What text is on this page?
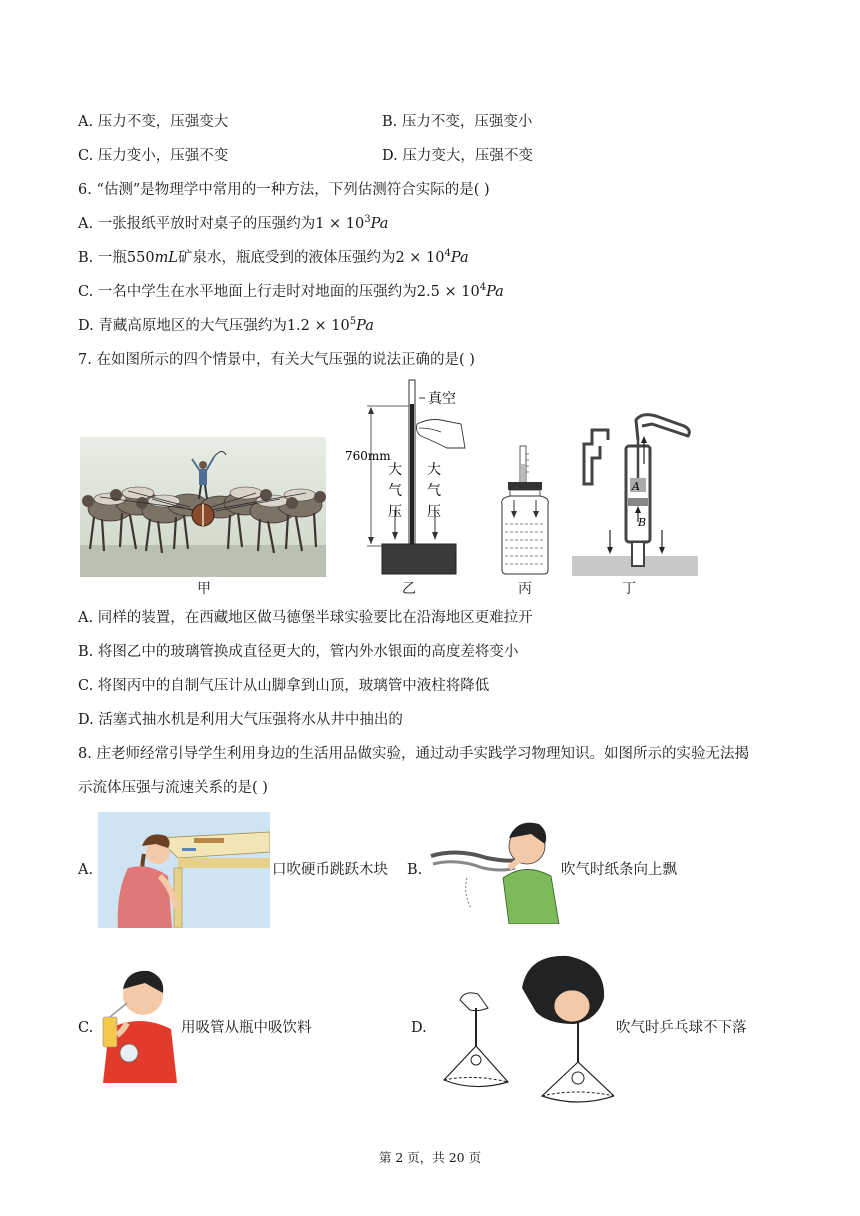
A. 压力不变，压强变大	B. 压力不变，压强变小
C. 压力变小，压强不变	D. 压力变大，压强不变
6. “估测”是物理学中常用的一种方法，下列估测符合实际的是( )
A. 一张报纸平放时对桌子的压强约为$1 \times 10^3Pa$
B. 一瓶550mL矿泉水，瓶底受到的液体压强约为$2 \times 10^4Pa$
C. 一名中学生在水平地面上行走时对地面的压强约为$2.5 \times 10^4Pa$
D. 青藏高原地区的大气压强约为$1.2 \times 10^5Pa$
7. 在如图所示的四个情景中，有关大气压强的说法正确的是( )
甲
真空
760mm
大
气
压
大
气
压
乙	丙
A
B
丁
A. 同样的装置，在西藏地区做马德堡半球实验要比在沿海地区更难拉开
B. 将图乙中的玻璃管换成直径更大的，管内外水银面的高度差将变小
C. 将图丙中的自制气压计从山脚拿到山顶，玻璃管中液柱将降低
D. 活塞式抽水机是利用大气压强将水从井中抽出的
8. 庄老师经常引导学生利用身边的生活用品做实验，通过动手实践学习物理知识。如图所示的实验无法揭
示流体压强与流速关系的是( )
A.	口吹硬币跳跃木块 B.	吹气时纸条向上飘
C.	用吸管从瓶中吸饮料	D.	吹气时乒乓球不下落
第 2 页，共 20 页
